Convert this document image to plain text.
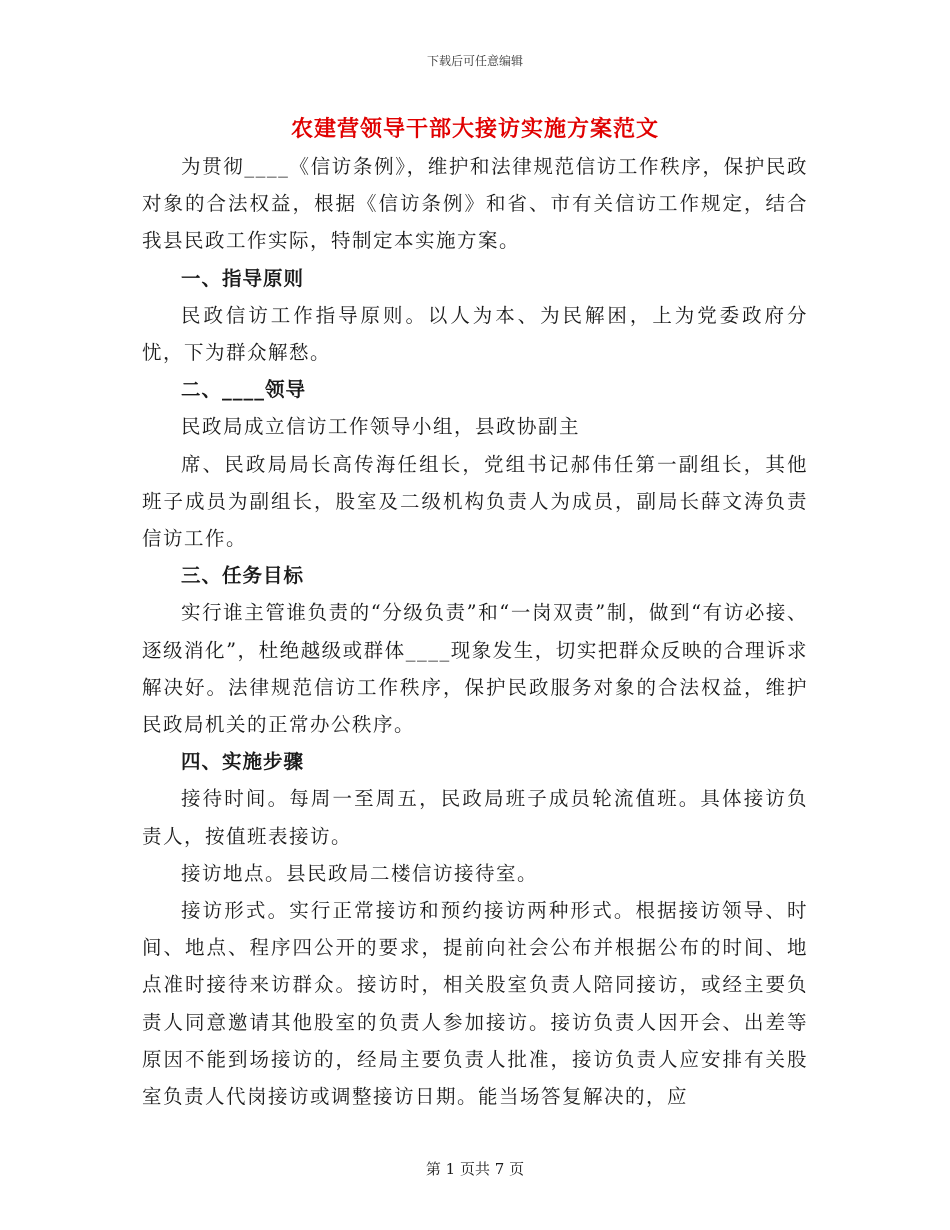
下载后可任意编辑
农建营领导干部大接访实施方案范文

为贯彻____《信访条例》，维护和法律规范信访工作秩序，保护民政对象的合法权益，根据《信访条例》和省、市有关信访工作规定，结合我县民政工作实际，特制定本实施方案。

一、指导原则

民政信访工作指导原则。以人为本、为民解困，上为党委政府分忧，下为群众解愁。

二、____领导

民政局成立信访工作领导小组，县政协副主

席、民政局局长高传海任组长，党组书记郝伟任第一副组长，其他班子成员为副组长，股室及二级机构负责人为成员，副局长薛文涛负责信访工作。

三、任务目标

实行谁主管谁负责的“分级负责”和“一岗双责”制，做到“有访必接、逐级消化”，杜绝越级或群体____现象发生，切实把群众反映的合理诉求解决好。法律规范信访工作秩序，保护民政服务对象的合法权益，维护民政局机关的正常办公秩序。

四、实施步骤

接待时间。每周一至周五，民政局班子成员轮流值班。具体接访负责人，按值班表接访。

接访地点。县民政局二楼信访接待室。

接访形式。实行正常接访和预约接访两种形式。根据接访领导、时间、地点、程序四公开的要求，提前向社会公布并根据公布的时间、地点准时接待来访群众。接访时，相关股室负责人陪同接访，或经主要负责人同意邀请其他股室的负责人参加接访。接访负责人因开会、出差等原因不能到场接访的，经局主要负责人批准，接访负责人应安排有关股室负责人代岗接访或调整接访日期。能当场答复解决的，应

第 1 页共 7 页
